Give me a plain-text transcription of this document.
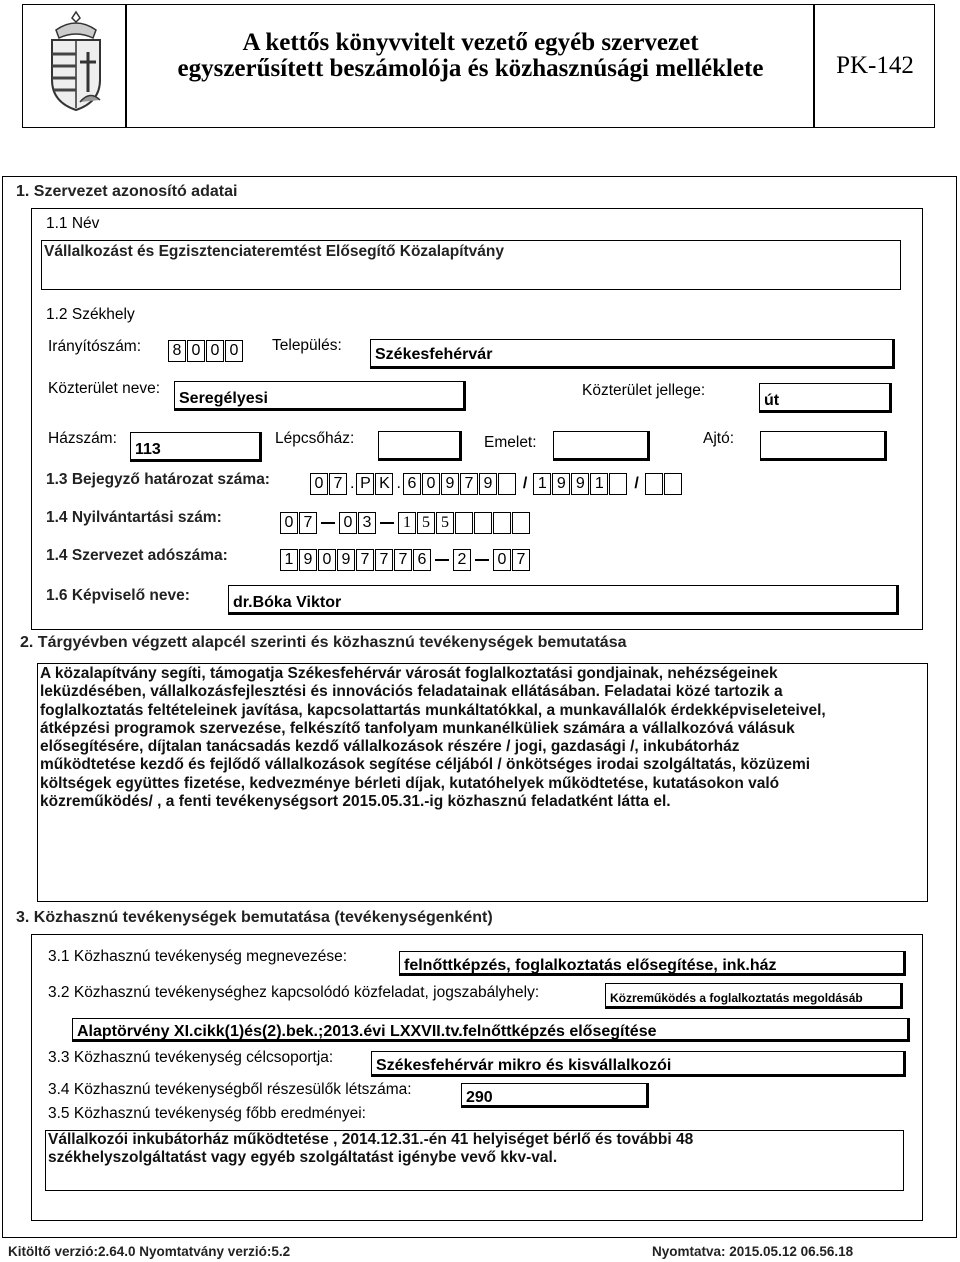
A kettős könyvvitelt vezető egyéb szervezet
egyszerűsített beszámolója és közhasznúsági melléklete	PK-142
1. Szervezet azonosító adatai
1.1 Név
Vállalkozást és Egzisztenciateremtést Elősegítő Közalapítvány
1.2 Székhely
Irányítószám: 8 0 0 0 Település:
Székesfehérvár
Közterület neve:
Seregélyesi	Közterület jellege:
út
Házszám:
113
Lépcsőház:	Emelet:	Ajtó:
1.3 Bejegyző határozat száma:	0 7 . P K . 6 0 9 7 9 / 1 9 9 1 /
1.4 Nyilvántartási szám:	0 7 0 3	1 5 5
1.4 Szervezet adószáma:	1 9 0 9 7 7 7 6 2 0 7
1.6 Képviselő neve:	dr.Bóka Viktor
2. Tárgyévben végzett alapcél szerinti és közhasznú tevékenységek bemutatása
A közalapítvány segíti, támogatja Székesfehérvár városát foglalkoztatási gondjainak, nehézségeinek
leküzdésében, vállalkozásfejlesztési és innovációs feladatainak ellátásában. Feladatai közé tartozik a
foglalkoztatás feltételeinek javítása, kapcsolattartás munkáltatókkal, a munkavállalók érdekképviseleteivel,
átképzési programok szervezése, felkészítő tanfolyam munkanélküliek számára a vállalkozóvá válásuk
elősegítésére, díjtalan tanácsadás kezdő vállalkozások részére / jogi, gazdasági /, inkubátorház
működtetése kezdő és fejlődő vállalkozások segítése céljából / önkötséges irodai szolgáltatás, közüzemi
költségek együttes fizetése, kedvezménye bérleti díjak, kutatóhelyek működtetése, kutatásokon való
közreműködés/ , a fenti tevékenységsort 2015.05.31.-ig közhasznú feladatként látta el.
3. Közhasznú tevékenységek bemutatása (tevékenységenként)
3.1 Közhasznú tevékenység megnevezése:
felnőttképzés, foglalkoztatás elősegítése, ink.ház
3.2 Közhasznú tevékenységhez kapcsolódó közfeladat, jogszabályhely:	Közreműködés a foglalkoztatás megoldásáb
Alaptörvény XI.cikk(1)és(2).bek.;2013.évi LXXVII.tv.felnőttképzés elősegítése
3.3 Közhasznú tevékenység célcsoportja:	Székesfehérvár mikro és kisvállalkozói
3.4 Közhasznú tevékenységből részesülők létszáma:	290
3.5 Közhasznú tevékenység főbb eredményei:
Vállalkozói inkubátorház működtetése , 2014.12.31.-én 41 helyiséget bérlő és további 48
székhelyszolgáltatást vagy egyéb szolgáltatást igénybe vevő kkv-val.
Kitöltő verzió:2.64.0 Nyomtatvány verzió:5.2	Nyomtatva: 2015.05.12 06.56.18
